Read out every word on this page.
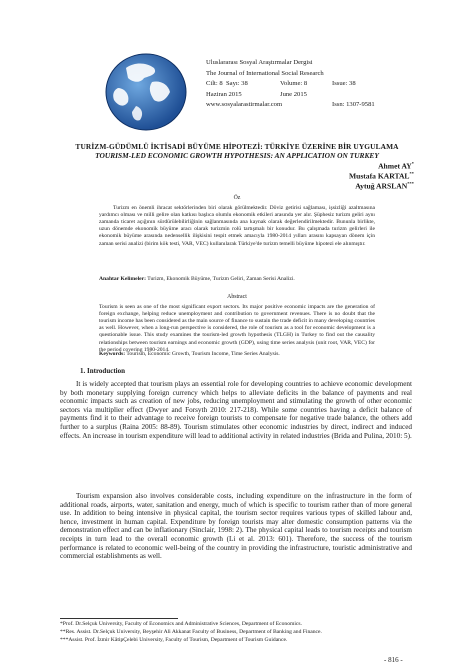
Uluslararası Sosyal Araştırmalar Dergisi
The Journal of International Social Research
Cilt: 8 Sayı: 38	Volume: 8	Issue: 38
Haziran 2015	June 2015
www.sosyalarastirmalar.com	Issn: 1307-9581
TURİZM-GÜDÜMLÜ İKTİSADİ BÜYÜME HİPOTEZİ: TÜRKİYE ÜZERİNE BİR UYGULAMA
TOURISM-LED ECONOMIC GROWTH HYPOTHESIS: AN APPLICATION ON TURKEY
Ahmet AY*
Mustafa KARTAL**
Aytuğ ARSLAN***
Öz
Turizm en önemli ihracat sektörlerinden biri olarak görülmektedir. Döviz getirisi sağlaması, işsizliği azaltmasına yardımcı olması ve milli gelire olan katkısı başlıca olumlu ekonomik etkileri arasında yer alır. Şüphesiz turizm geliri aynı zamanda ticaret açığının sürdürülebilirliğinin sağlanmasında ana kaynak olarak değerlendirilmektedir. Bununla birlikte, uzun dönemde ekonomik büyüme aracı olarak turizmin rolü tartışmalı bir konudur. Bu çalışmada turizm gelirleri ile ekonomik büyüme arasında nedensellik ilişkisini tespit etmek amacıyla 1980-2014 yılları arasını kapsayan dönem için zaman serisi analizi (birim kök testi, VAR, VEC) kullanılarak Türkiye'de turizm temelli büyüme hipotezi ele alınmıştır.
Anahtar Kelimeler: Turizm, Ekonomik Büyüme, Turizm Geliri, Zaman Serisi Analizi.
Abstract
Tourism is seen as one of the most significant export sectors. Its major positive economic impacts are the generation of foreign exchange, helping reduce unemployment and contribution to government revenues. There is no doubt that the tourism income has been considered as the main source of finance to sustain the trade deficit in many developing countries as well. However, when a long-run perspective is considered, the role of tourism as a tool for economic development is a questionable issue. This study examines the tourism-led growth hypothesis (TLGH) in Turkey to find out the causality relationships between tourism earnings and economic growth (GDP), using time series analysis (unit root, VAR, VEC) for the period covering 1980-2014.
Keywords: Tourism, Economic Growth, Tourism Income, Time Series Analysis.
1. Introduction
It is widely accepted that tourism plays an essential role for developing countries to achieve economic development by both monetary supplying foreign currency which helps to alleviate deficits in the balance of payments and real economic impacts such as creation of new jobs, reducing unemployment and stimulating the growth of other economic sectors via multiplier effect (Dwyer and Forsyth 2010: 217-218). While some countries having a deficit balance of payments find it to their advantage to receive foreign tourists to compensate for negative trade balance, the others add further to a surplus (Raina 2005: 88-89). Tourism stimulates other economic industries by direct, indirect and induced effects. An increase in tourism expenditure will lead to additional activity in related industries (Brida and Pulina, 2010: 5).
Tourism expansion also involves considerable costs, including expenditure on the infrastructure in the form of additional roads, airports, water, sanitation and energy, much of which is specific to tourism rather than of more general use. In addition to being intensive in physical capital, the tourism sector requires various types of skilled labour and, hence, investment in human capital. Expenditure by foreign tourists may alter domestic consumption patterns via the demonstration effect and can be inflationary (Sinclair, 1998: 2). The physical capital leads to tourism receipts and tourism receipts in turn lead to the overall economic growth (Li et al. 2013: 601). Therefore, the success of the tourism performance is related to economic well-being of the country in providing the infrastructure, touristic administrative and commercial establishments as well.
*Prof. Dr.Selçuk University, Faculty of Economics and Administrative Sciences, Department of Economics.
**Res. Assist. Dr.Selçuk University, Beyşehir Ali Akkanat Faculty of Business, Department of Banking and Finance.
***Assist. Prof. İzmir KâtipÇelebi University, Faculty of Tourism, Department of Tourism Guidance.
- 816 -
